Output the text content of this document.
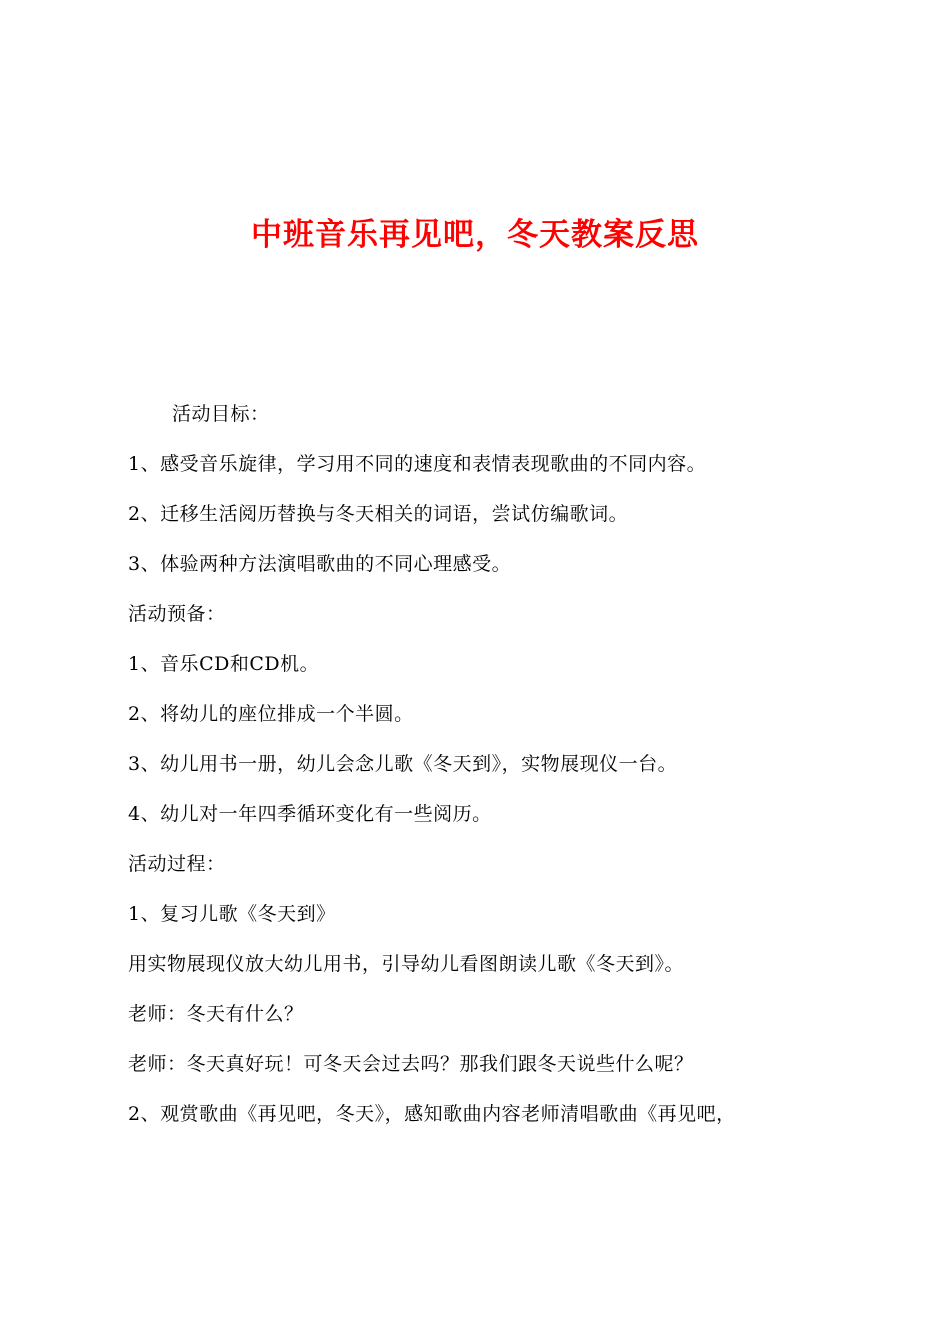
中班音乐再见吧，冬天教案反思
活动目标：
1、感受音乐旋律，学习用不同的速度和表情表现歌曲的不同内容。
2、迁移生活阅历替换与冬天相关的词语，尝试仿编歌词。
3、体验两种方法演唱歌曲的不同心理感受。
活动预备：
1、音乐CD和CD机。
2、将幼儿的座位排成一个半圆。
3、幼儿用书一册，幼儿会念儿歌《冬天到》，实物展现仪一台。
4、幼儿对一年四季循环变化有一些阅历。
活动过程：
1、复习儿歌《冬天到》
用实物展现仪放大幼儿用书，引导幼儿看图朗读儿歌《冬天到》。
老师：冬天有什么？
老师：冬天真好玩！可冬天会过去吗？那我们跟冬天说些什么呢？
2、观赏歌曲《再见吧，冬天》，感知歌曲内容老师清唱歌曲《再见吧，
